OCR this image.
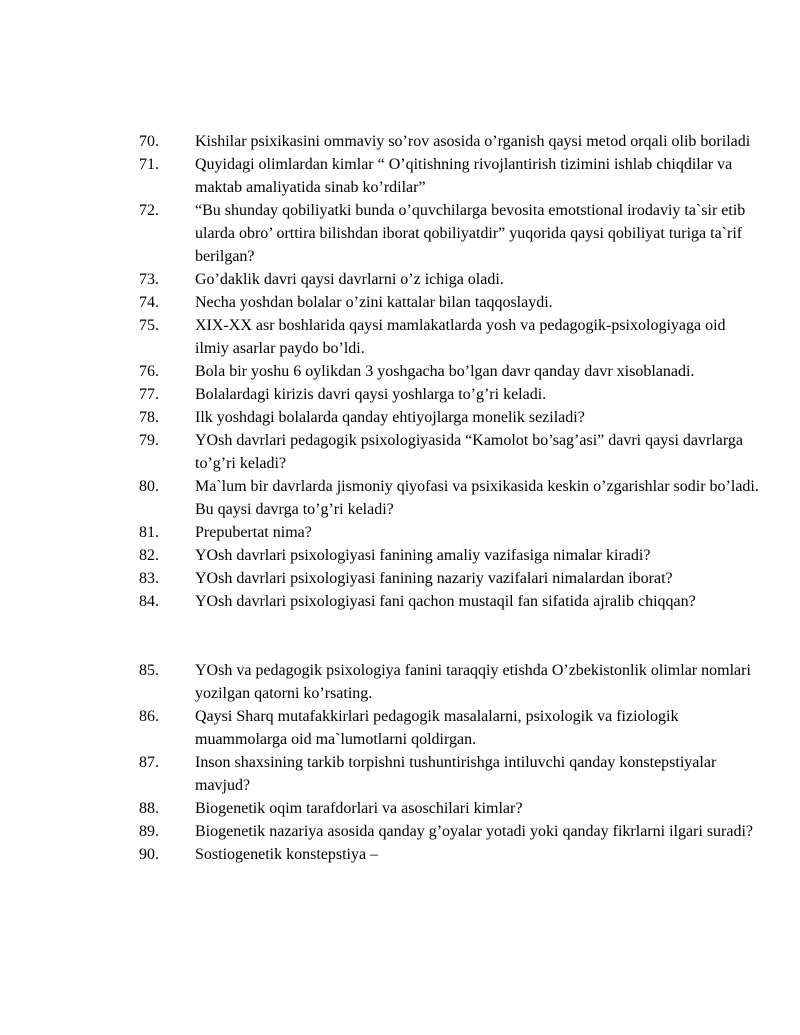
70. Kishilar psixikasini ommaviy so’rov asosida o’rganish qaysi metod orqali olib boriladi
71. Quyidagi olimlardan kimlar “ O’qitishning rivojlantirish tizimini ishlab chiqdilar va maktab amaliyatida sinab ko’rdilar”
72. “Bu shunday qobiliyatki bunda o’quvchilarga bevosita emotstional irodaviy ta`sir etib ularda obro’ orttira bilishdan iborat qobiliyatdir” yuqorida qaysi qobiliyat turiga ta`rif berilgan?
73. Go’daklik davri qaysi davrlarni o’z ichiga oladi.
74. Necha yoshdan bolalar o’zini kattalar bilan taqqoslaydi.
75. XIX-XX asr boshlarida qaysi mamlakatlarda yosh va pedagogik-psixologiyaga oid ilmiy asarlar paydo bo’ldi.
76. Bola bir yoshu 6 oylikdan 3 yoshgacha bo’lgan davr qanday davr xisoblanadi.
77. Bolalardagi kirizis davri qaysi yoshlarga to’g’ri keladi.
78. Ilk yoshdagi bolalarda qanday ehtiyojlarga monelik seziladi?
79. YOsh davrlari pedagogik psixologiyasida “Kamolot bo’sag’asi” davri qaysi davrlarga to’g’ri keladi?
80. Ma`lum bir davrlarda jismoniy qiyofasi va psixikasida keskin o’zgarishlar sodir bo’ladi. Bu qaysi davrga to’g’ri keladi?
81. Prepubertat nima?
82. YOsh davrlari psixologiyasi fanining amaliy vazifasiga nimalar kiradi?
83. YOsh davrlari psixologiyasi fanining nazariy vazifalari nimalardan iborat?
84. YOsh davrlari psixologiyasi fani qachon mustaqil fan sifatida ajralib chiqqan?
85. YOsh va pedagogik psixologiya fanini taraqqiy etishda O’zbekistonlik olimlar nomlari yozilgan qatorni ko’rsating.
86. Qaysi Sharq mutafakkirlari pedagogik masalalarni, psixologik va fiziologik muammolarga oid ma`lumotlarni qoldirgan.
87. Inson shaxsining tarkib torpishni tushuntirishga intiluvchi qanday konstepstiyalar mavjud?
88. Biogenetik oqim tarafdorlari va asoschilari kimlar?
89. Biogenetik nazariya asosida qanday g’oyalar yotadi yoki qanday fikrlarni ilgari suradi?
90. Sostiogenetik konstepstiya –
